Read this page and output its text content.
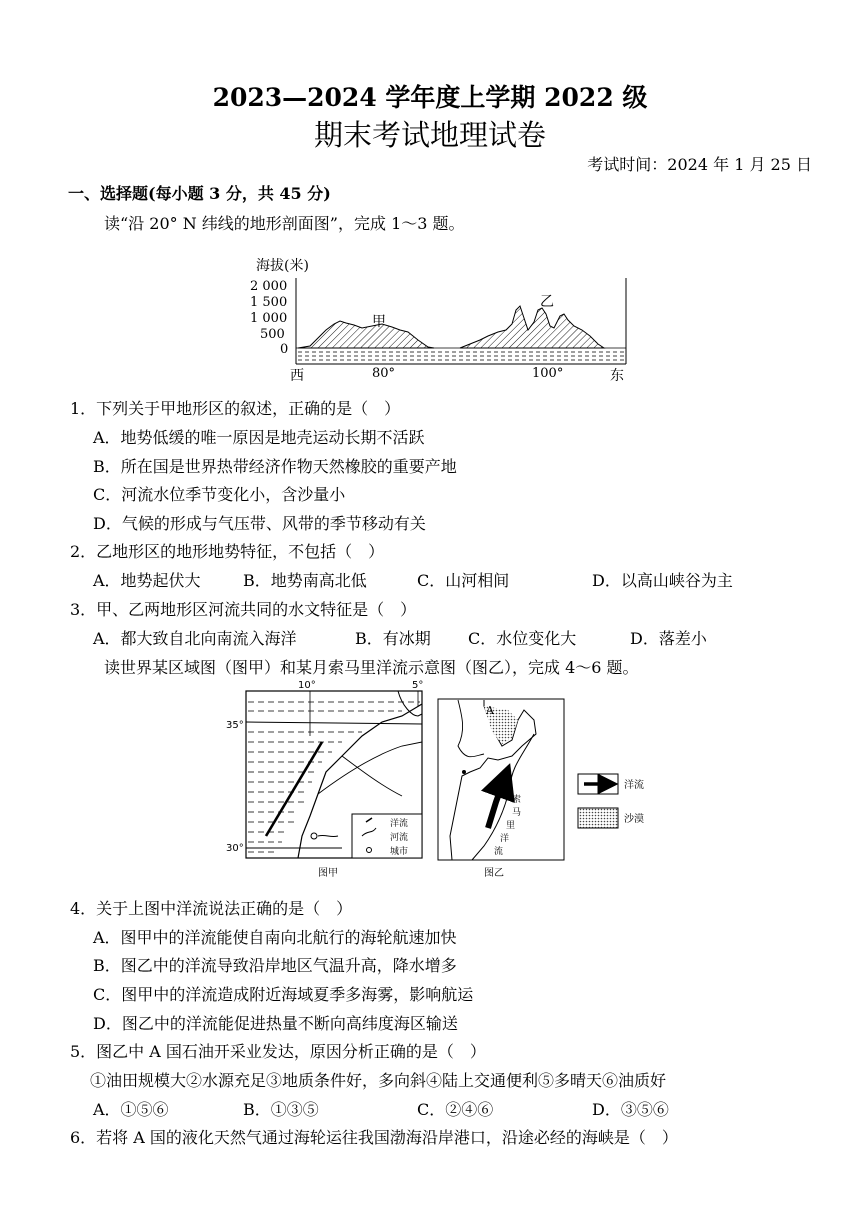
2023—2024 学年度上学期 2022 级
期末考试地理试卷
考试时间：2024 年 1 月 25 日
一、选择题(每小题 3 分，共 45 分)
读“沿 20° N 纬线的地形剖面图”，完成 1～3 题。
海拔(米)
2 000
1 500
1 000
500
0
甲
乙
西	80°	100°	东
1．下列关于甲地形区的叙述，正确的是（　）
A．地势低缓的唯一原因是地壳运动长期不活跃
B．所在国是世界热带经济作物天然橡胶的重要产地
C．河流水位季节变化小，含沙量小
D．气候的形成与气压带、风带的季节移动有关
2．乙地形区的地形地势特征，不包括（　）
A．地势起伏大	B．地势南高北低	C．山河相间	D．以高山峡谷为主
3．甲、乙两地形区河流共同的水文特征是（　）
A．都大致自北向南流入海洋	B．有冰期 C．水位变化大	D．落差小
读世界某区域图（图甲）和某月索马里洋流示意图（图乙），完成 4～6 题。
10°	5°
35°
30°
洋流
河流
城市
图甲
A
索
马
里
洋
流
图乙
洋流
沙漠
4．关于上图中洋流说法正确的是（　）
A．图甲中的洋流能使自南向北航行的海轮航速加快
B．图乙中的洋流导致沿岸地区气温升高，降水增多
C．图甲中的洋流造成附近海域夏季多海雾，影响航运
D．图乙中的洋流能促进热量不断向高纬度海区输送
5．图乙中 A 国石油开采业发达，原因分析正确的是（　）
①油田规模大②水源充足③地质条件好，多向斜④陆上交通便利⑤多晴天⑥油质好
A．①⑤⑥	B．①③⑤	C．②④⑥	D．③⑤⑥
6．若将 A 国的液化天然气通过海轮运往我国渤海沿岸港口，沿途必经的海峡是（　）
